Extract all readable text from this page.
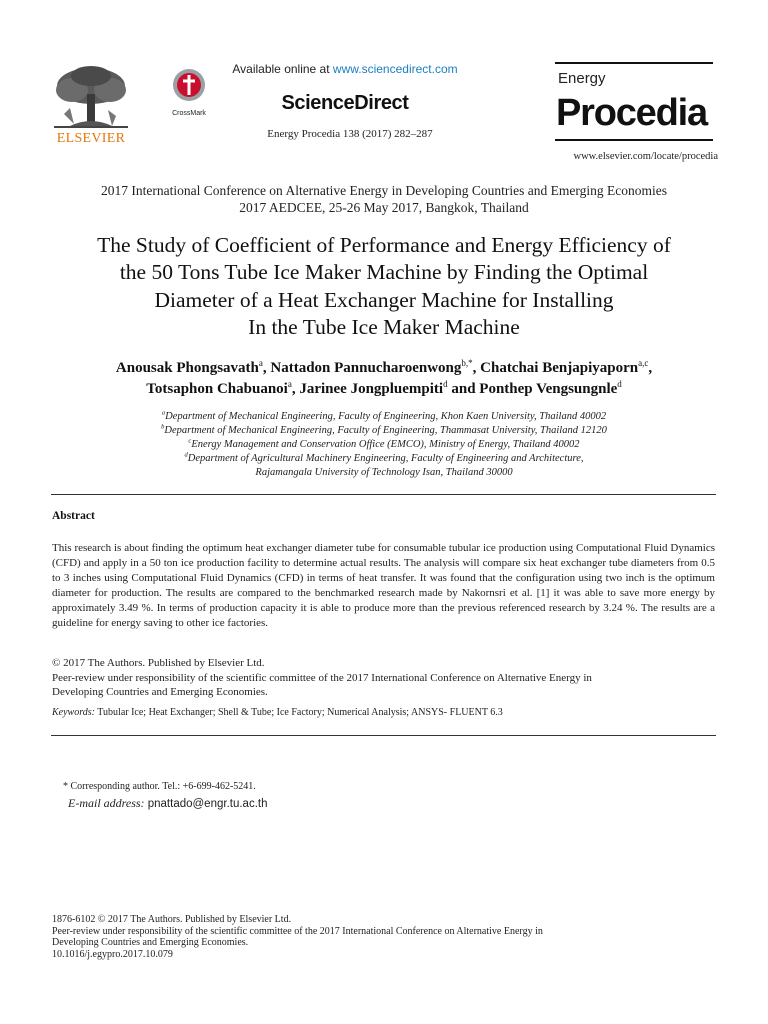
ELSEVIER
CrossMark
Available online at www.sciencedirect.com
ScienceDirect
Energy Procedia 138 (2017) 282–287
Energy
Procedia
www.elsevier.com/locate/procedia
2017 International Conference on Alternative Energy in Developing Countries and Emerging Economies
2017 AEDCEE, 25-26 May 2017, Bangkok, Thailand
The Study of Coefficient of Performance and Energy Efficiency of
the 50 Tons Tube Ice Maker Machine by Finding the Optimal
Diameter of a Heat Exchanger Machine for Installing
In the Tube Ice Maker Machine
Anousak Phongsavath$^a$, Nattadon Pannucharoenwong$^{b,*}$, Chatchai Benjapiyaporn$^{a,c}$,
Totsaphon Chabuanoi$^a$, Jarinee Jongpluempiti$^d$ and Ponthep Vengsungnle$^d$
$^a$Department of Mechanical Engineering, Faculty of Engineering, Khon Kaen University, Thailand 40002
$^b$Department of Mechanical Engineering, Faculty of Engineering, Thammasat University, Thailand 12120
$^c$Energy Management and Conservation Office (EMCO), Ministry of Energy, Thailand 40002
$^d$Department of Agricultural Machinery Engineering, Faculty of Engineering and Architecture,
Rajamangala University of Technology Isan, Thailand 30000
Abstract
This research is about finding the optimum heat exchanger diameter tube for consumable tubular ice production using Computational Fluid Dynamics (CFD) and apply in a 50 ton ice production facility to determine actual results. The analysis will compare six heat exchanger tube diameters from 0.5 to 3 inches using Computational Fluid Dynamics (CFD) in terms of heat transfer. It was found that the configuration using two inch is the optimum diameter for production. The results are compared to the benchmarked research made by Nakornsri et al. [1] it was able to save more energy by approximately 3.49 %. In terms of production capacity it is able to produce more than the previous referenced research by 3.24 %. The results are a guideline for energy saving to other ice factories.
© 2017 The Authors. Published by Elsevier Ltd.
Peer-review under responsibility of the scientific committee of the 2017 International Conference on Alternative Energy in
Developing Countries and Emerging Economies.
Keywords: Tubular Ice; Heat Exchanger; Shell & Tube; Ice Factory; Numerical Analysis; ANSYS- FLUENT 6.3
* Corresponding author. Tel.: +6-699-462-5241.
E-mail address: pnattado@engr.tu.ac.th
1876-6102 © 2017 The Authors. Published by Elsevier Ltd.
Peer-review under responsibility of the scientific committee of the 2017 International Conference on Alternative Energy in
Developing Countries and Emerging Economies.
10.1016/j.egypro.2017.10.079
